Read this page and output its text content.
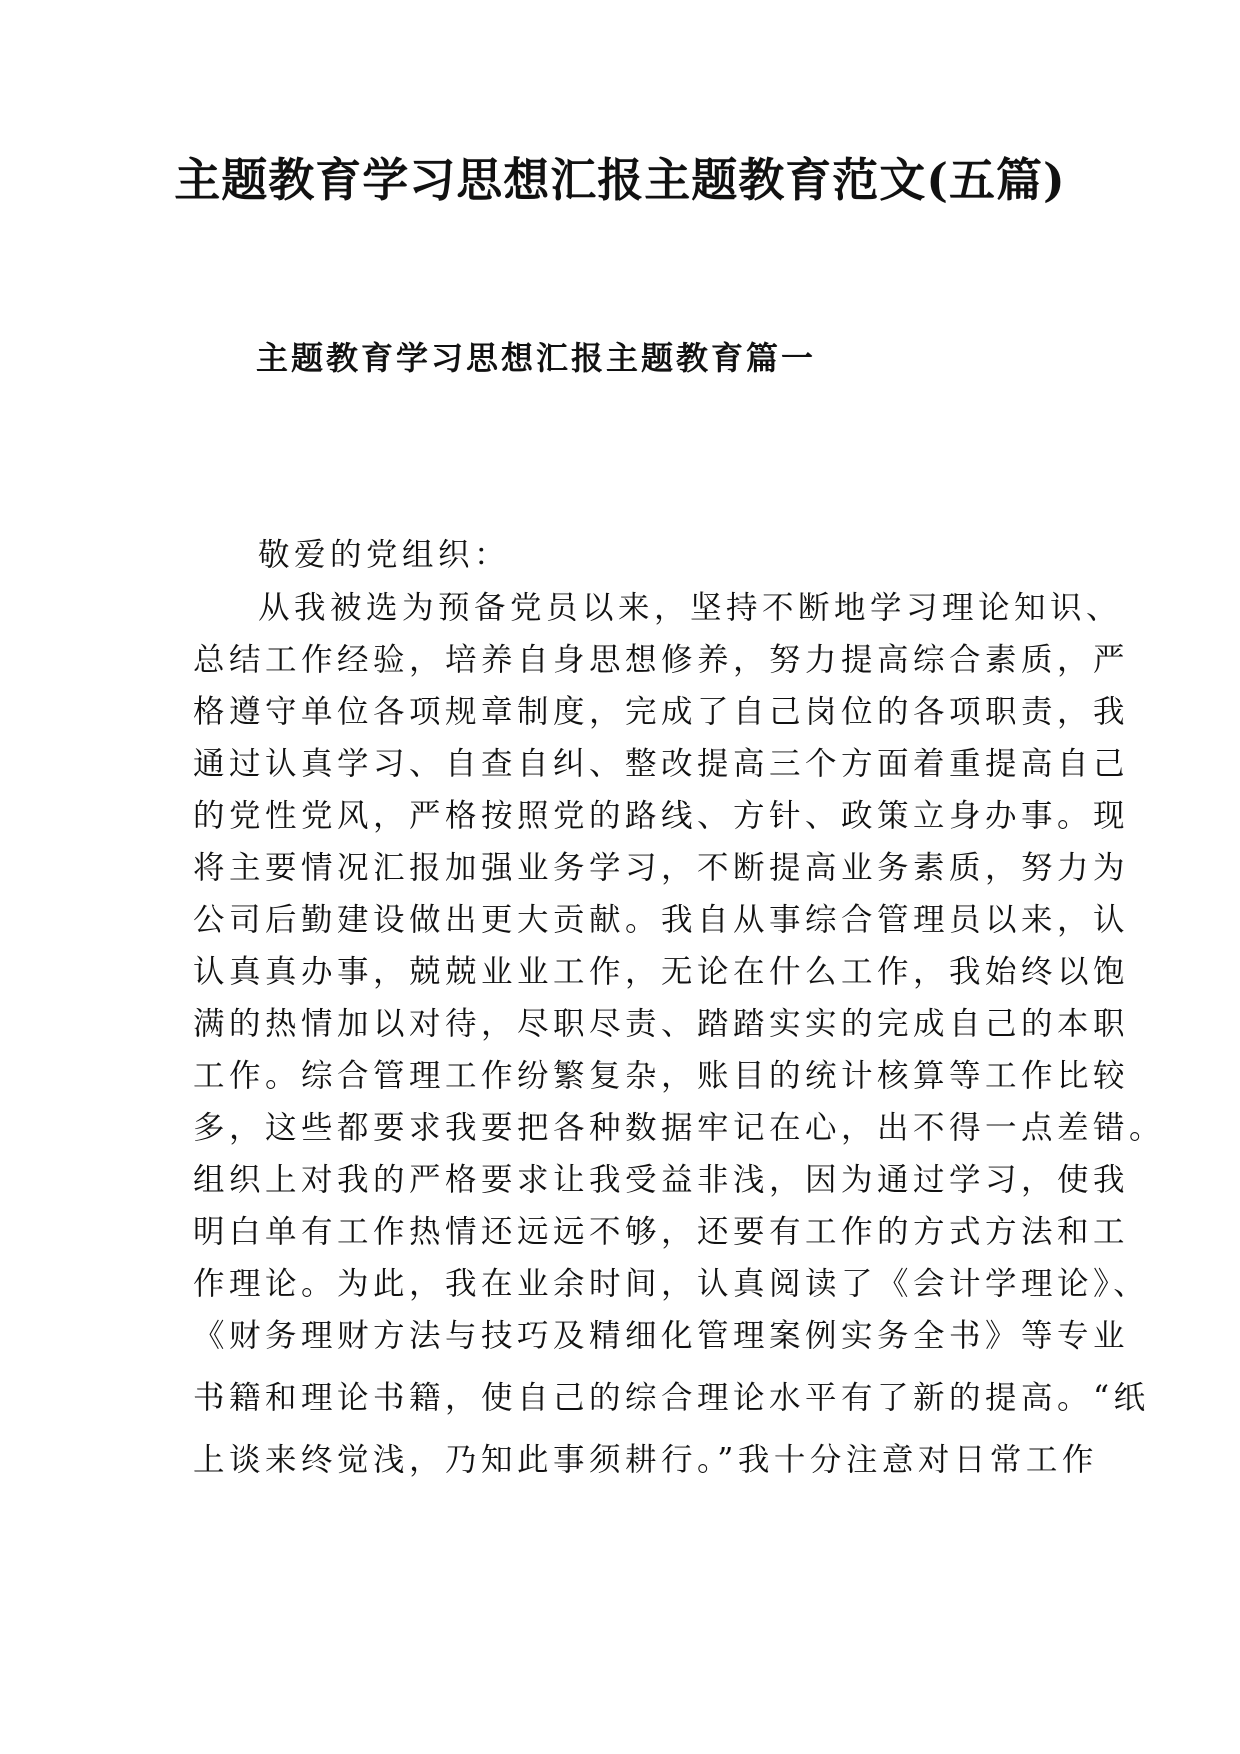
主题教育学习思想汇报主题教育范文(五篇)
主题教育学习思想汇报主题教育篇一

敬爱的党组织：

从我被选为预备党员以来，坚持不断地学习理论知识、
总结工作经验，培养自身思想修养，努力提高综合素质，严
格遵守单位各项规章制度，完成了自己岗位的各项职责，我
通过认真学习、自查自纠、整改提高三个方面着重提高自己
的党性党风，严格按照党的路线、方针、政策立身办事。现
将主要情况汇报加强业务学习，不断提高业务素质，努力为
公司后勤建设做出更大贡献。我自从事综合管理员以来，认
认真真办事，兢兢业业工作，无论在什么工作，我始终以饱
满的热情加以对待，尽职尽责、踏踏实实的完成自己的本职
工作。综合管理工作纷繁复杂，账目的统计核算等工作比较
多，这些都要求我要把各种数据牢记在心，出不得一点差错。
组织上对我的严格要求让我受益非浅，因为通过学习，使我
明白单有工作热情还远远不够，还要有工作的方式方法和工
作理论。为此，我在业余时间，认真阅读了《会计学理论》、
《财务理财方法与技巧及精细化管理案例实务全书》等专业
书籍和理论书籍，使自己的综合理论水平有了新的提高。“纸
上谈来终觉浅，乃知此事须耕行。”我十分注意对日常工作
